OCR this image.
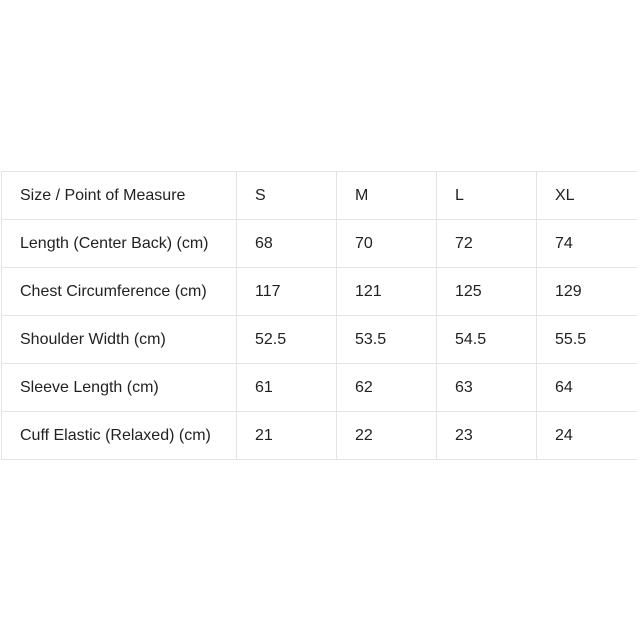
Size / Point of Measure	S	M	L	XL
Length (Center Back) (cm)	68	70	72	74
Chest Circumference (cm)	117	121	125	129
Shoulder Width (cm)	52.5	53.5	54.5	55.5
Sleeve Length (cm)	61	62	63	64
Cuff Elastic (Relaxed) (cm)	21	22	23	24
